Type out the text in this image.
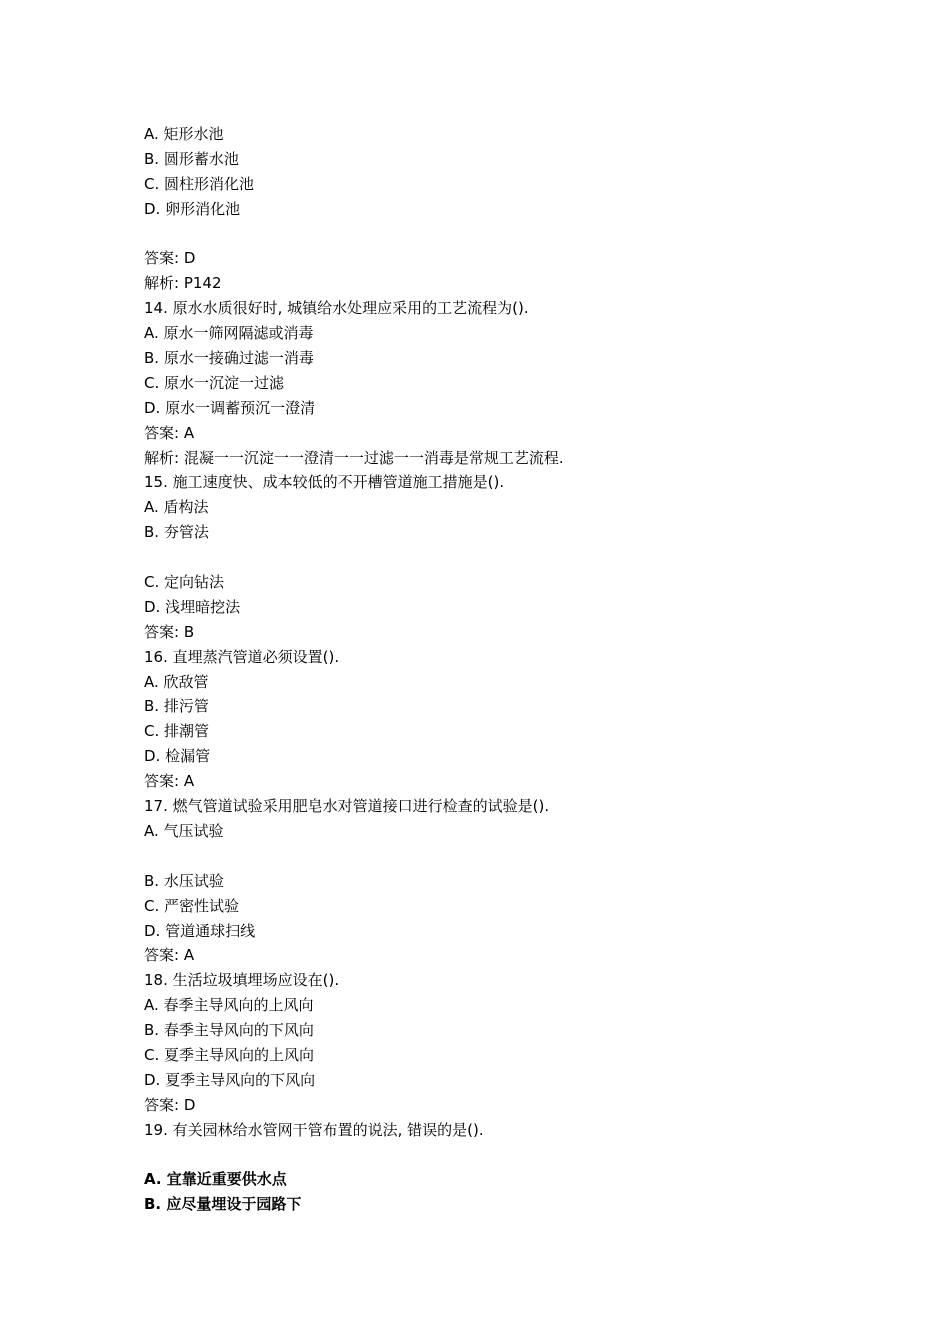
A. 矩形水池
B. 圆形蓄水池
C. 圆柱形消化池
D. 卵形消化池
答案: D
解析: P142
14. 原水水质很好时, 城镇给水处理应采用的工艺流程为().
A. 原水一筛网隔滤或消毒
B. 原水一接确过滤一消毒
C. 原水一沉淀一过滤
D. 原水一调蓄预沉一澄清
答案: A
解析: 混凝一一沉淀一一澄清一一过滤一一消毒是常规工艺流程.
15. 施工速度快、成本较低的不开槽管道施工措施是().
A. 盾构法
B. 夯管法
C. 定向钻法
D. 浅埋暗挖法
答案: B
16. 直埋蒸汽管道必须设置().
A. 欣敌管
B. 排污管
C. 排潮管
D. 检漏管
答案: A
17. 燃气管道试验采用肥皂水对管道接口进行检查的试验是().
A. 气压试验
B. 水压试验
C. 严密性试验
D. 管道通球扫线
答案: A
18. 生活垃圾填埋场应设在().
A. 春季主导风向的上风向
B. 春季主导风向的下风向
C. 夏季主导风向的上风向
D. 夏季主导风向的下风向
答案: D
19. 有关园林给水管网干管布置的说法, 错误的是().
A. 宜靠近重要供水点
B. 应尽量埋设于园路下
